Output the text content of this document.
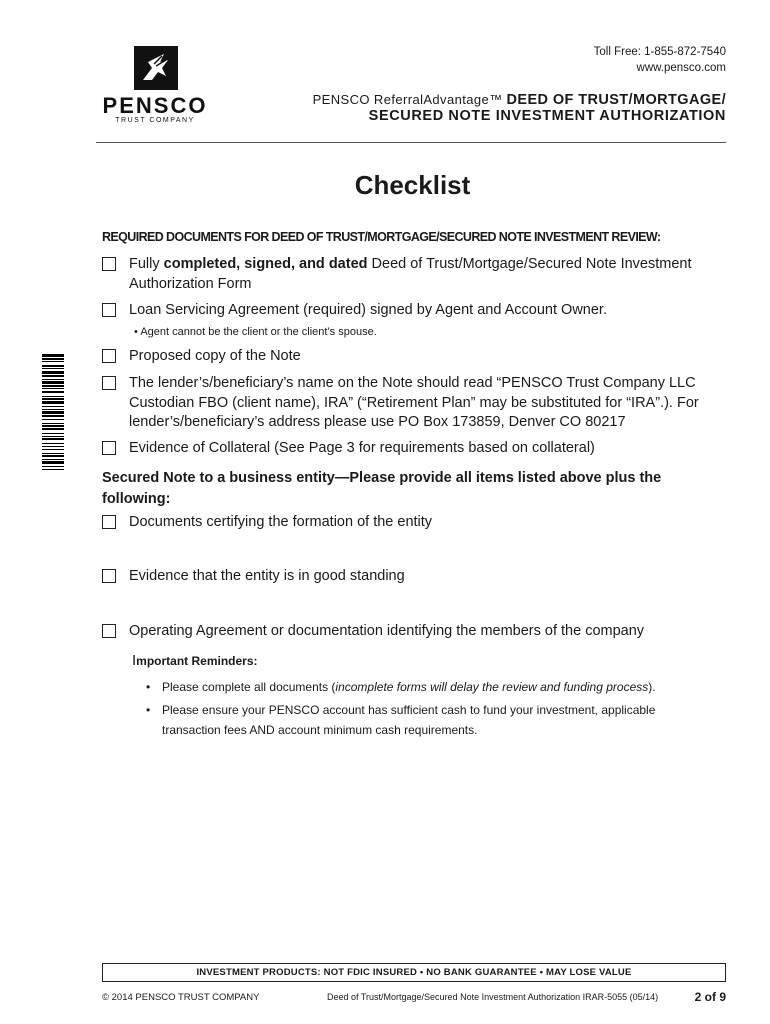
PENSCO
TRUST COMPANY
Toll Free: 1-855-872-7540
www.pensco.com
PENSCO ReferralAdvantage™ DEED OF TRUST/MORTGAGE/
SECURED NOTE INVESTMENT AUTHORIZATION
Checklist
REQUIRED DOCUMENTS FOR DEED OF TRUST/MORTGAGE/SECURED NOTE INVESTMENT REVIEW:
Fully completed, signed, and dated Deed of Trust/Mortgage/Secured Note Investment Authorization Form
Loan Servicing Agreement (required) signed by Agent and Account Owner.
• Agent cannot be the client or the client’s spouse.
Proposed copy of the Note
The lender’s/beneficiary’s name on the Note should read “PENSCO Trust Company LLC Custodian FBO (client name), IRA” (“Retirement Plan” may be substituted for “IRA”.). For lender’s/beneficiary’s address please use PO Box 173859, Denver CO 80217
Evidence of Collateral (See Page 3 for requirements based on collateral)
Secured Note to a business entity—Please provide all items listed above plus the following:
Documents certifying the formation of the entity
Evidence that the entity is in good standing
Operating Agreement or documentation identifying the members of the company
Important Reminders:
• Please complete all documents (incomplete forms will delay the review and funding process).
• Please ensure your PENSCO account has sufficient cash to fund your investment, applicable transaction fees AND account minimum cash requirements.
INVESTMENT PRODUCTS: NOT FDIC INSURED • NO BANK GUARANTEE • MAY LOSE VALUE
© 2014 PENSCO TRUST COMPANY	Deed of Trust/Mortgage/Secured Note Investment Authorization IRAR-5055 (05/14)	2 of 9
